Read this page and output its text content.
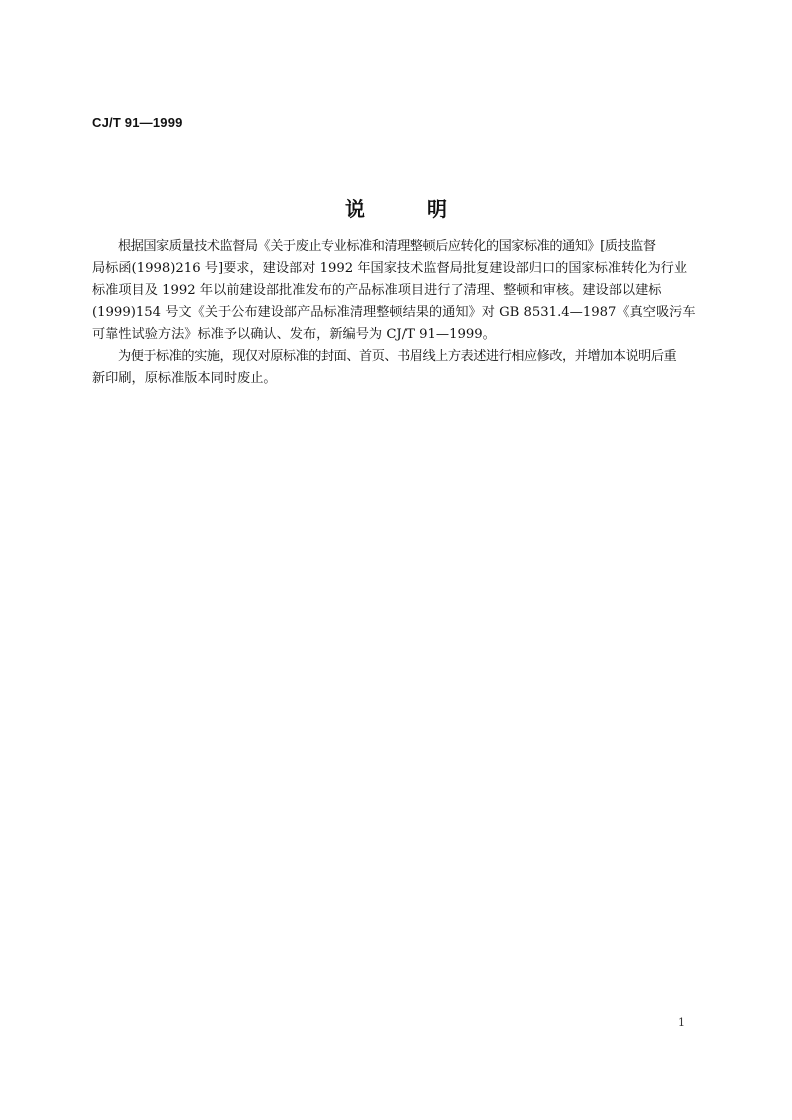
CJ/T 91—1999
说明

根据国家质量技术监督局《关于废止专业标准和清理整顿后应转化的国家标准的通知》[质技监督
局标函(1998)216 号]要求，建设部对 1992 年国家技术监督局批复建设部归口的国家标准转化为行业
标准项目及 1992 年以前建设部批准发布的产品标准项目进行了清理、整顿和审核。建设部以建标
(1999)154 号文《关于公布建设部产品标准清理整顿结果的通知》对 GB 8531.4—1987《真空吸污车
可靠性试验方法》标准予以确认、发布，新编号为 CJ/T 91—1999。

为便于标准的实施，现仅对原标准的封面、首页、书眉线上方表述进行相应修改，并增加本说明后重
新印刷，原标准版本同时废止。

1
